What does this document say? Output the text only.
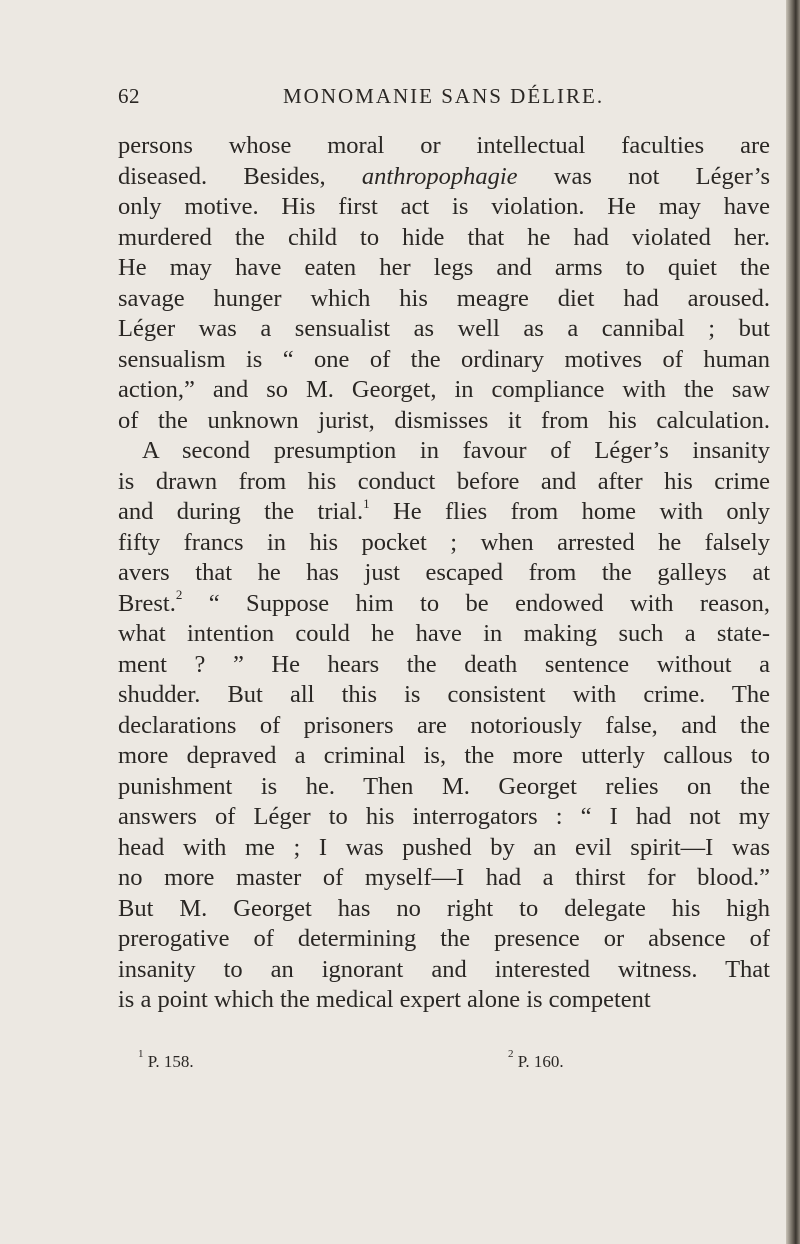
62	MONOMANIE SANS DÉLIRE.
persons whose moral or intellectual faculties are
diseased. Besides, anthropophagie was not Léger’s
only motive. His first act is violation. He may have
murdered the child to hide that he had violated her.
He may have eaten her legs and arms to quiet the
savage hunger which his meagre diet had aroused.
Léger was a sensualist as well as a cannibal ; but
sensualism is “ one of the ordinary motives of human
action,” and so M. Georget, in compliance with the saw
of the unknown jurist, dismisses it from his calculation.
A second presumption in favour of Léger’s insanity
is drawn from his conduct before and after his crime
and during the trial.$^1$ He flies from home with only
fifty francs in his pocket ; when arrested he falsely
avers that he has just escaped from the galleys at
Brest.$^2$ “ Suppose him to be endowed with reason,
what intention could he have in making such a state-
ment ? ” He hears the death sentence without a
shudder. But all this is consistent with crime. The
declarations of prisoners are notoriously false, and the
more depraved a criminal is, the more utterly callous to
punishment is he. Then M. Georget relies on the
answers of Léger to his interrogators : “ I had not my
head with me ; I was pushed by an evil spirit—I was
no more master of myself—I had a thirst for blood.”
But M. Georget has no right to delegate his high
prerogative of determining the presence or absence of
insanity to an ignorant and interested witness. That
is a point which the medical expert alone is competent
$^1$ P. 158.	$^2$ P. 160.
